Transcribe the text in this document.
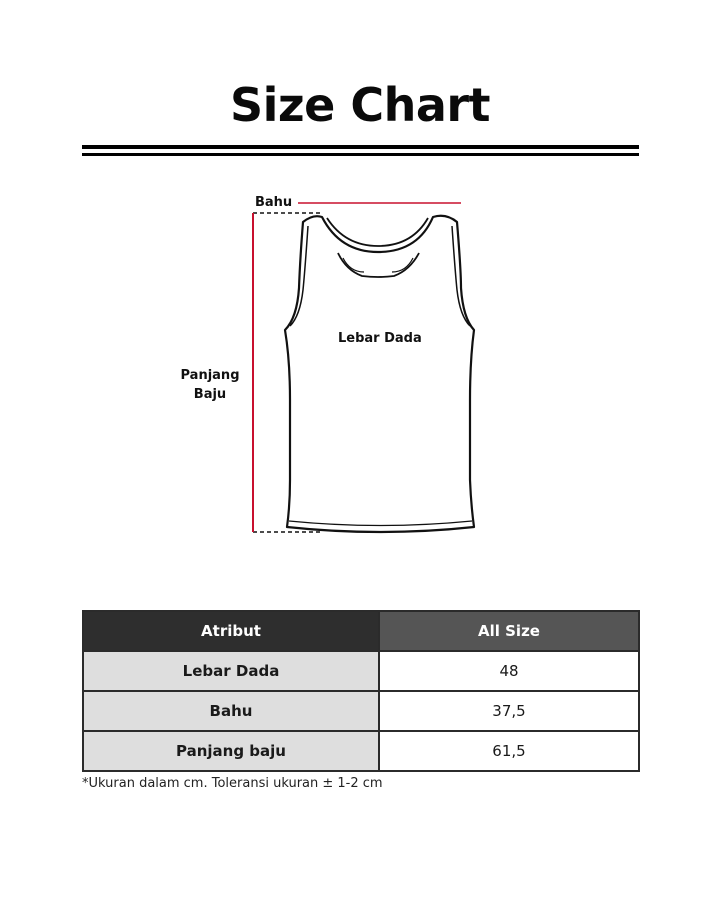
Size Chart
Bahu
Lebar Dada
Panjang
Baju
Atribut	All Size
Lebar Dada	48
Bahu	37,5
Panjang baju	61,5
*Ukuran dalam cm. Toleransi ukuran ± 1-2 cm
